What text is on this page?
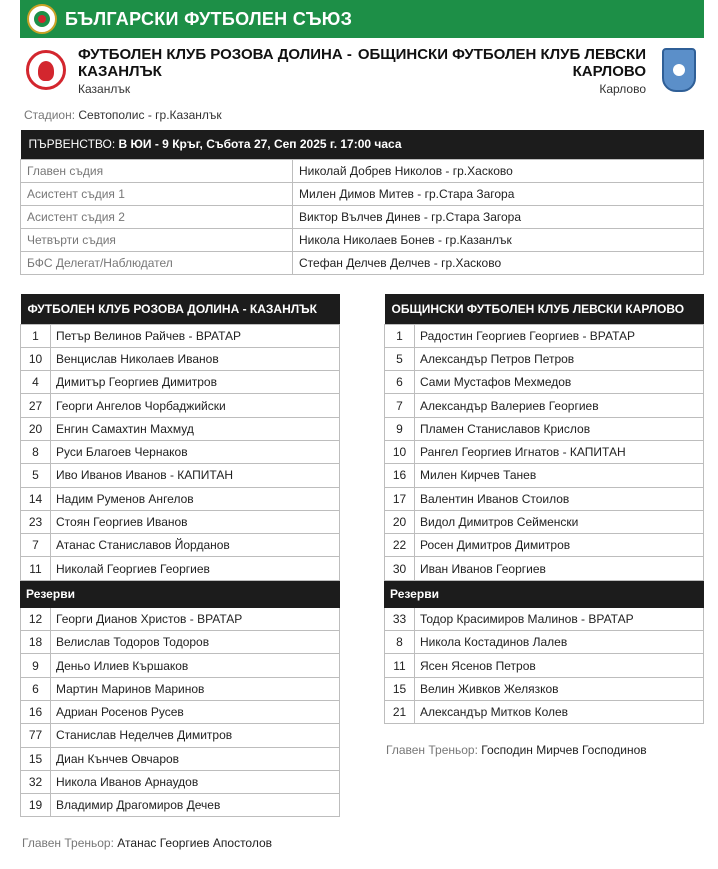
БЪЛГАРСКИ ФУТБОЛЕН СЪЮЗ
ФУТБОЛЕН КЛУБ РОЗОВА ДОЛИНА - КАЗАНЛЪК
Казанлък
ОБЩИНСКИ ФУТБОЛЕН КЛУБ ЛЕВСКИ КАРЛОВО
Карлово
Стадион: Севтополис - гр.Казанлък
ПЪРВЕНСТВО: В ЮИ - 9 Кръг, Събота 27, Сеп 2025 г. 17:00 часа	
Главен съдия	Николай Добрев Николов - гр.Хасково
Асистент съдия 1	Милен Димов Митев - гр.Стара Загора
Асистент съдия 2	Виктор Вълчев Динев - гр.Стара Загора
Четвърти съдия	Никола Николаев Бонев - гр.Казанлък
БФС Делегат/Наблюдател	Стефан Делчев Делчев - гр.Хасково
ФУТБОЛЕН КЛУБ РОЗОВА ДОЛИНА - КАЗАНЛЪК	
1	Петър Велинов Райчев - ВРАТАР
10	Венцислав Николаев Иванов
4	Димитър Георгиев Димитров
27	Георги Ангелов Чорбаджийски
20	Енгин Самахтин Махмуд
8	Руси Благоев Чернаков
5	Иво Иванов Иванов - КАПИТАН
14	Надим Руменов Ангелов
23	Стоян Георгиев Иванов
7	Атанас Станиславов Йорданов
11	Николай Георгиев Георгиев
Резерви	
12	Георги Дианов Христов - ВРАТАР
18	Велислав Тодоров Тодоров
9	Деньо Илиев Кършаков
6	Мартин Маринов Маринов
16	Адриан Росенов Русев
77	Станислав Неделчев Димитров
15	Диан Кънчев Овчаров
32	Никола Иванов Арнаудов
19	Владимир Драгомиров Дечев
ОБЩИНСКИ ФУТБОЛЕН КЛУБ ЛЕВСКИ КАРЛОВО	
1	Радостин Георгиев Георгиев - ВРАТАР
5	Александър Петров Петров
6	Сами Мустафов Мехмедов
7	Александър Валериев Георгиев
9	Пламен Станиславов Крислов
10	Рангел Георгиев Игнатов - КАПИТАН
16	Милен Кирчев Танев
17	Валентин Иванов Стоилов
20	Видол Димитров Сейменски
22	Росен Димитров Димитров
30	Иван Иванов Георгиев
Резерви	
33	Тодор Красимиров Малинов - ВРАТАР
8	Никола Костадинов Лалев
11	Ясен Ясенов Петров
15	Велин Живков Желязков
21	Александър Митков Колев
Главен Треньор: Атанас Георгиев Апостолов
Главен Треньор: Господин Мирчев Господинов
